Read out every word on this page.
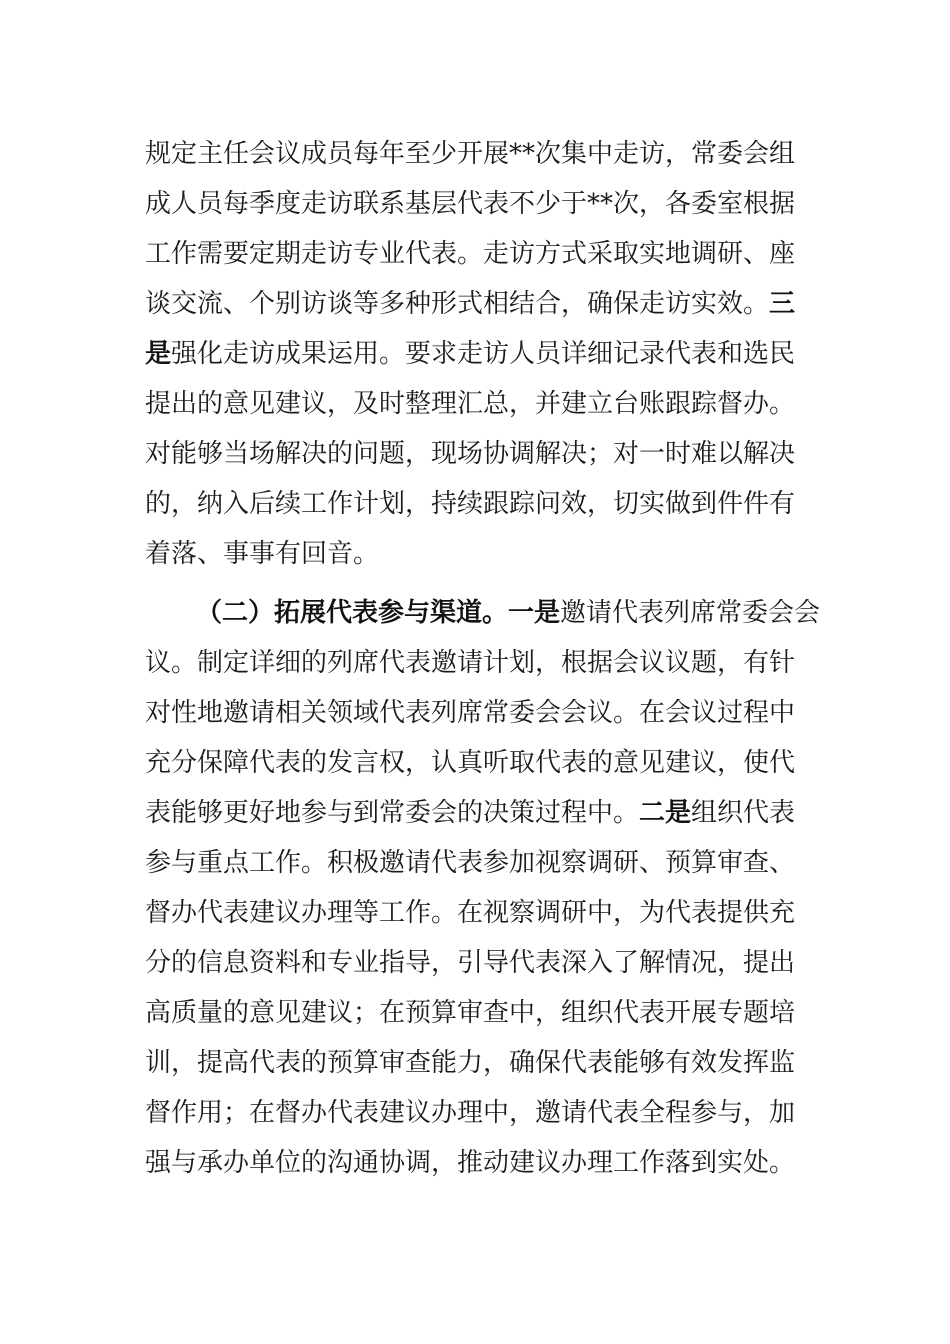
规定主任会议成员每年至少开展**次集中走访，常委会组
成人员每季度走访联系基层代表不少于**次，各委室根据
工作需要定期走访专业代表。走访方式采取实地调研、座
谈交流、个别访谈等多种形式相结合，确保走访实效。三
是强化走访成果运用。要求走访人员详细记录代表和选民
提出的意见建议，及时整理汇总，并建立台账跟踪督办。
对能够当场解决的问题，现场协调解决；对一时难以解决
的，纳入后续工作计划，持续跟踪问效，切实做到件件有
着落、事事有回音。
（二）拓展代表参与渠道。一是邀请代表列席常委会会
议。制定详细的列席代表邀请计划，根据会议议题，有针
对性地邀请相关领域代表列席常委会会议。在会议过程中
充分保障代表的发言权，认真听取代表的意见建议，使代
表能够更好地参与到常委会的决策过程中。二是组织代表
参与重点工作。积极邀请代表参加视察调研、预算审查、
督办代表建议办理等工作。在视察调研中，为代表提供充
分的信息资料和专业指导，引导代表深入了解情况，提出
高质量的意见建议；在预算审查中，组织代表开展专题培
训，提高代表的预算审查能力，确保代表能够有效发挥监
督作用；在督办代表建议办理中，邀请代表全程参与，加
强与承办单位的沟通协调，推动建议办理工作落到实处。
